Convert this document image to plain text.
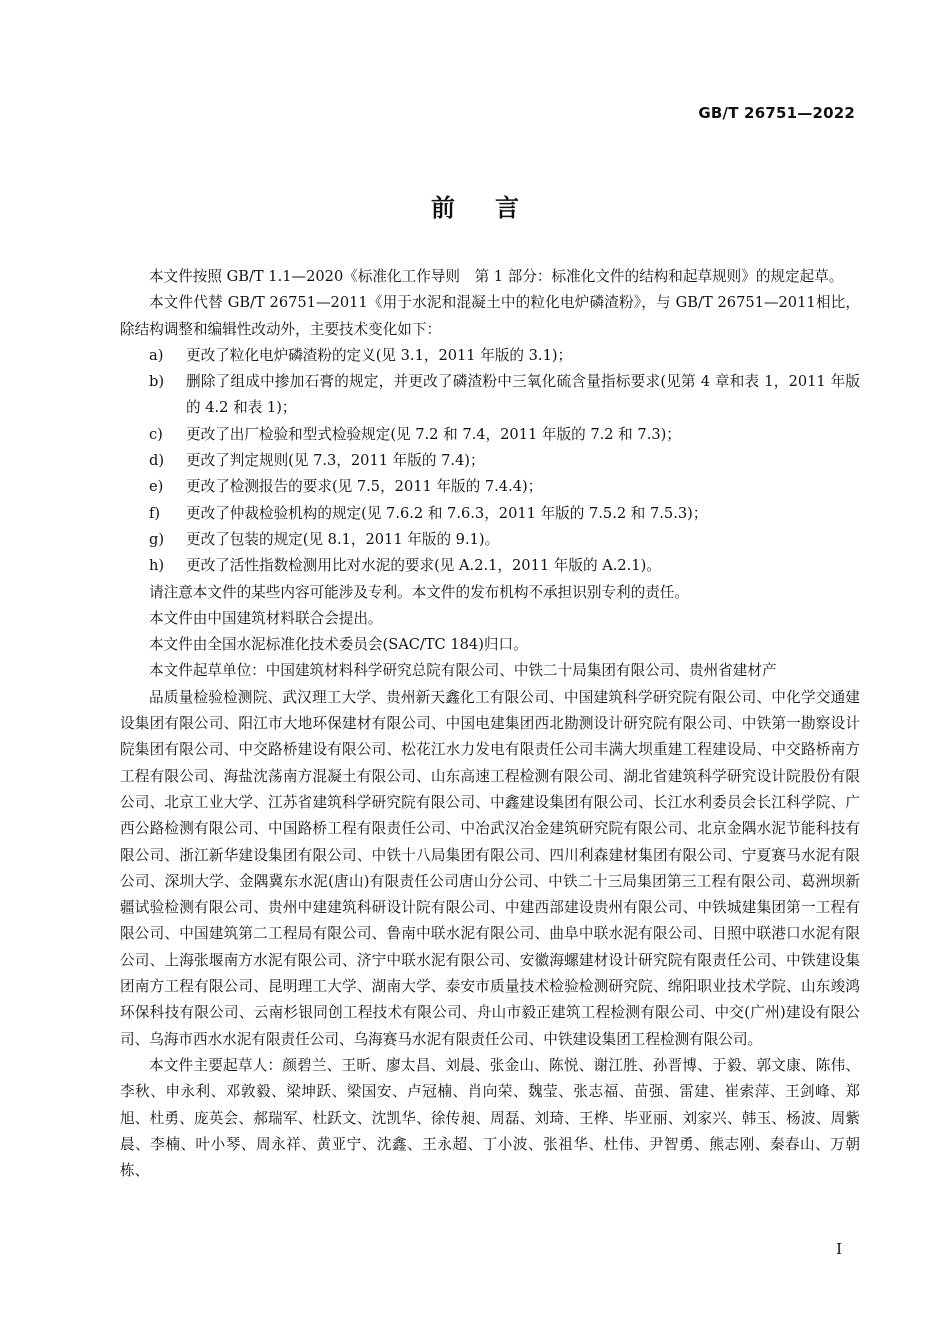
GB/T 26751—2022
前言

本文件按照 GB/T 1.1—2020《标准化工作导则　第 1 部分：标准化文件的结构和起草规则》的规定起草。

本文件代替 GB/T 26751—2011《用于水泥和混凝土中的粒化电炉磷渣粉》，与 GB/T 26751—2011相比，除结构调整和编辑性改动外，主要技术变化如下：

a) 更改了粒化电炉磷渣粉的定义(见 3.1，2011 年版的 3.1)；

b) 删除了组成中掺加石膏的规定，并更改了磷渣粉中三氧化硫含量指标要求(见第 4 章和表 1，2011 年版的 4.2 和表 1)；

c) 更改了出厂检验和型式检验规定(见 7.2 和 7.4，2011 年版的 7.2 和 7.3)；

d) 更改了判定规则(见 7.3，2011 年版的 7.4)；

e) 更改了检测报告的要求(见 7.5，2011 年版的 7.4.4)；

f) 更改了仲裁检验机构的规定(见 7.6.2 和 7.6.3，2011 年版的 7.5.2 和 7.5.3)；

g) 更改了包装的规定(见 8.1，2011 年版的 9.1)。

h) 更改了活性指数检测用比对水泥的要求(见 A.2.1，2011 年版的 A.2.1)。

请注意本文件的某些内容可能涉及专利。本文件的发布机构不承担识别专利的责任。

本文件由中国建筑材料联合会提出。

本文件由全国水泥标准化技术委员会(SAC/TC 184)归口。

本文件起草单位：中国建筑材料科学研究总院有限公司、中铁二十局集团有限公司、贵州省建材产
品质量检验检测院、武汉理工大学、贵州新天鑫化工有限公司、中国建筑科学研究院有限公司、中化学交通建设集团有限公司、阳江市大地环保建材有限公司、中国电建集团西北勘测设计研究院有限公司、中铁第一勘察设计院集团有限公司、中交路桥建设有限公司、松花江水力发电有限责任公司丰满大坝重建工程建设局、中交路桥南方工程有限公司、海盐沈荡南方混凝土有限公司、山东高速工程检测有限公司、湖北省建筑科学研究设计院股份有限公司、北京工业大学、江苏省建筑科学研究院有限公司、中鑫建设集团有限公司、长江水利委员会长江科学院、广西公路检测有限公司、中国路桥工程有限责任公司、中冶武汉冶金建筑研究院有限公司、北京金隅水泥节能科技有限公司、浙江新华建设集团有限公司、中铁十八局集团有限公司、四川利森建材集团有限公司、宁夏赛马水泥有限公司、深圳大学、金隅冀东水泥(唐山)有限责任公司唐山分公司、中铁二十三局集团第三工程有限公司、葛洲坝新疆试验检测有限公司、贵州中建建筑科研设计院有限公司、中建西部建设贵州有限公司、中铁城建集团第一工程有限公司、中国建筑第二工程局有限公司、鲁南中联水泥有限公司、曲阜中联水泥有限公司、日照中联港口水泥有限公司、上海张堰南方水泥有限公司、济宁中联水泥有限公司、安徽海螺建材设计研究院有限责任公司、中铁建设集团南方工程有限公司、昆明理工大学、湖南大学、泰安市质量技术检验检测研究院、绵阳职业技术学院、山东竣鸿环保科技有限公司、云南杉银同创工程技术有限公司、舟山市毅正建筑工程检测有限公司、中交(广州)建设有限公司、乌海市西水水泥有限责任公司、乌海赛马水泥有限责任公司、中铁建设集团工程检测有限公司。

本文件主要起草人：颜碧兰、王昕、廖太昌、刘晨、张金山、陈悦、谢江胜、孙晋博、于毅、郭文康、陈伟、李秋、申永利、邓敦毅、梁坤跃、梁国安、卢冠楠、肖向荣、魏莹、张志福、苗强、雷建、崔索萍、王剑峰、郑旭、杜勇、庞英会、郝瑞军、杜跃文、沈凯华、徐传昶、周磊、刘琦、王桦、毕亚丽、刘家兴、韩玉、杨波、周紫晨、李楠、叶小琴、周永祥、黄亚宁、沈鑫、王永超、丁小波、张祖华、杜伟、尹智勇、熊志刚、秦春山、万朝栋、

I
